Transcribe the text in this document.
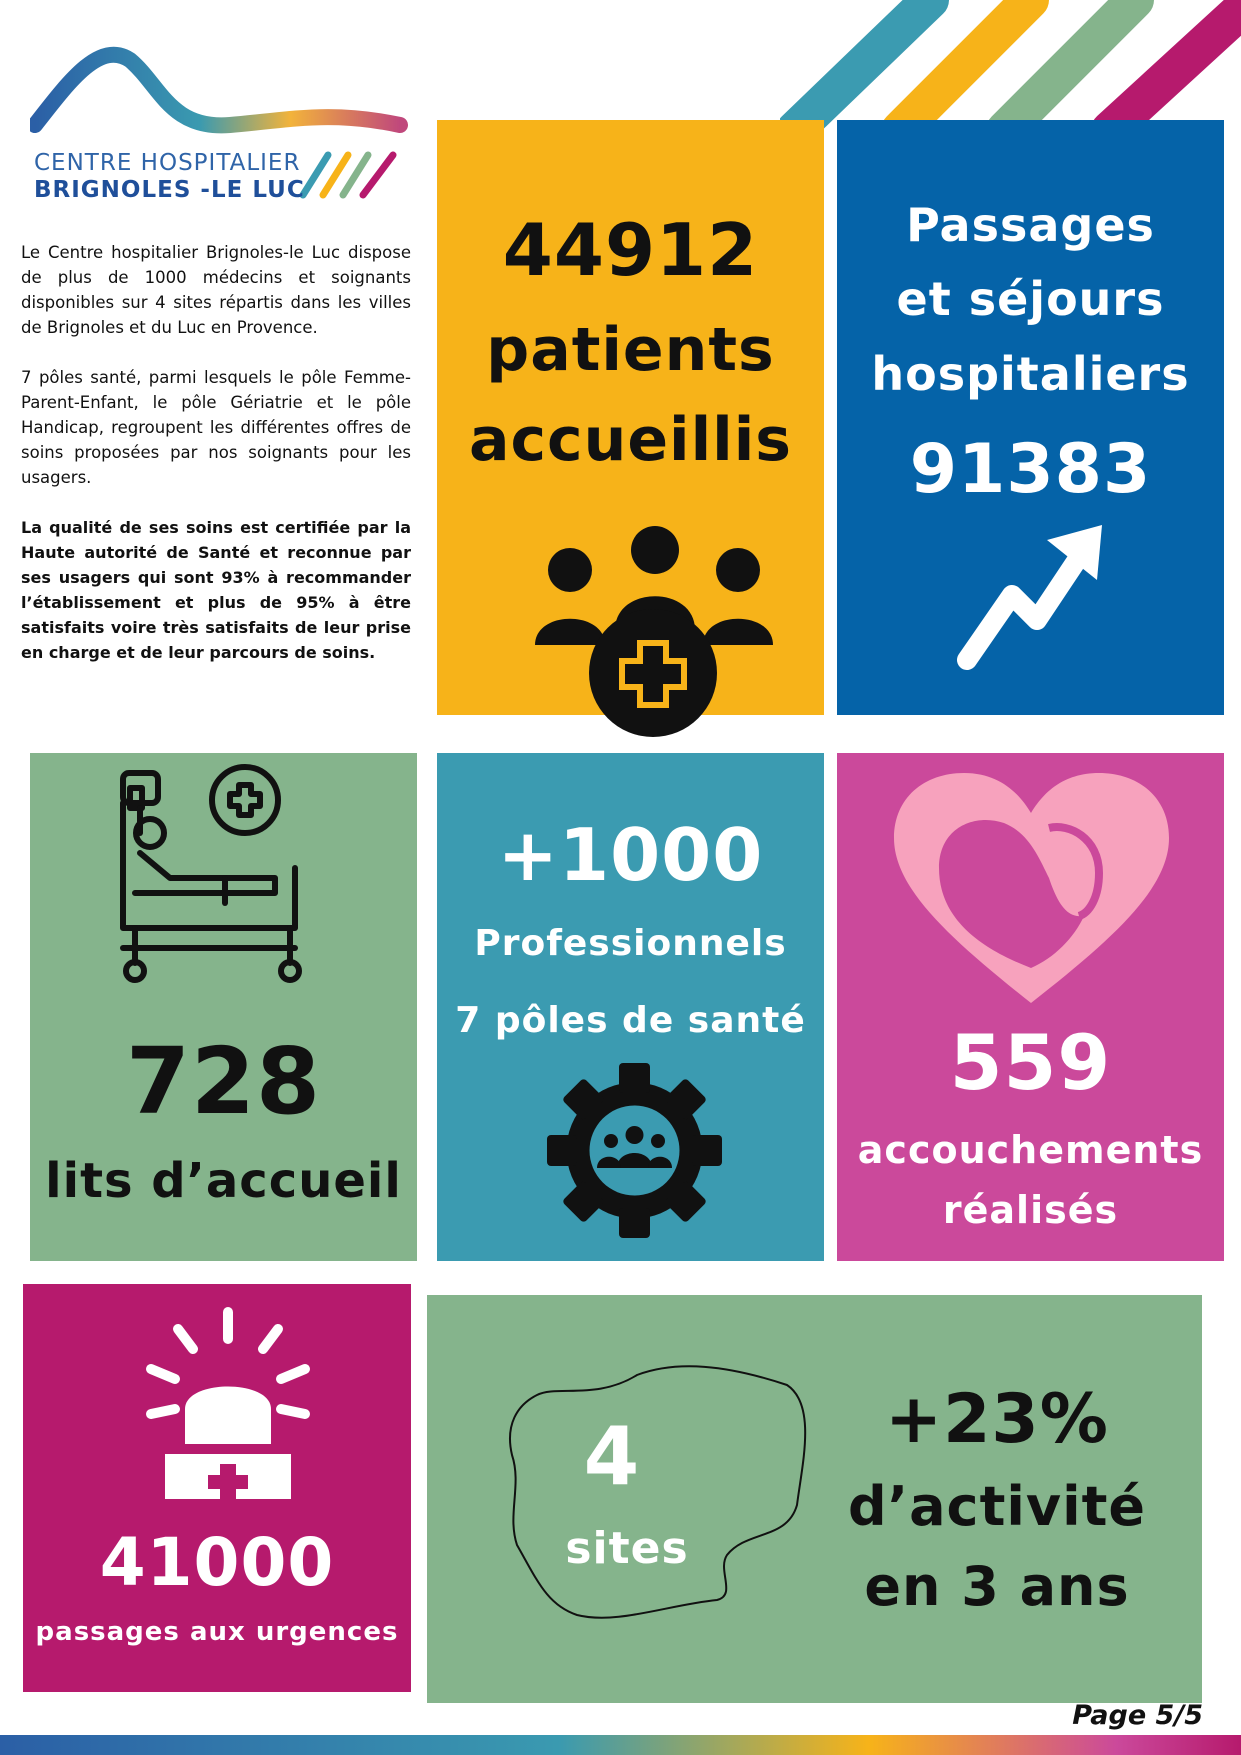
CENTRE HOSPITALIER
BRIGNOLES -LE LUC

Le Centre hospitalier Brignoles-le Luc dispose de plus de 1000 médecins et soignants disponibles sur 4 sites répartis dans les villes de Brignoles et du Luc en Provence.

7 pôles santé, parmi lesquels le pôle Femme-Parent-Enfant, le pôle Gériatrie et le pôle Handicap, regroupent les différentes offres de soins proposées par nos soignants pour les usagers.

La qualité de ses soins est certifiée par la Haute autorité de Santé et reconnue par ses usagers qui sont 93% à recommander l’établissement et plus de 95% à être satisfaits voire très satisfaits de leur prise en charge et de leur parcours de soins.

44912
patients
accueillis
Passages
et séjours
hospitaliers
91383
728
lits d’accueil
+1000
Professionnels
7 pôles de santé	559
accouchements
réalisés
41000
passages aux urgences
4
sites
+23%
d’activité
en 3 ans
Page 5/5
